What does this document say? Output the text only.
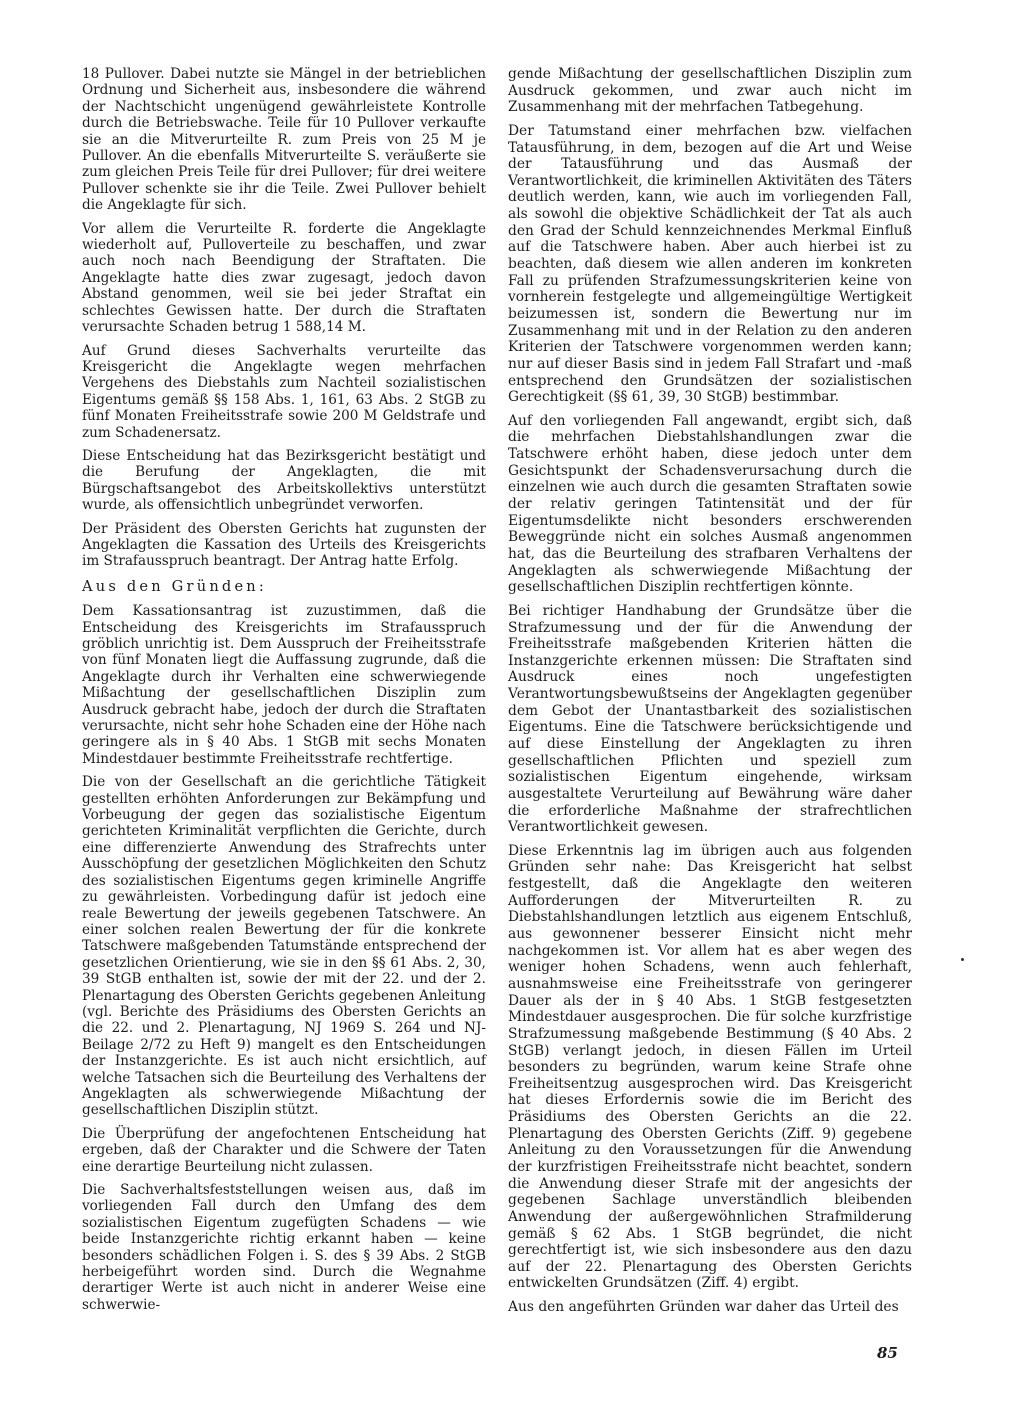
18 Pullover. Dabei nutzte sie Mängel in der betrieblichen Ordnung und Sicherheit aus, insbesondere die während der Nachtschicht ungenügend gewährleistete Kontrolle durch die Betriebswache. Teile für 10 Pullover verkaufte sie an die Mitverurteilte R. zum Preis von 25 M je Pullover. An die ebenfalls Mitverurteilte S. veräußerte sie zum gleichen Preis Teile für drei Pullover; für drei weitere Pullover schenkte sie ihr die Teile. Zwei Pullover behielt die Angeklagte für sich.

Vor allem die Verurteilte R. forderte die Angeklagte wiederholt auf, Pulloverteile zu beschaffen, und zwar auch noch nach Beendigung der Straftaten. Die Angeklagte hatte dies zwar zugesagt, jedoch davon Abstand genommen, weil sie bei jeder Straftat ein schlechtes Gewissen hatte. Der durch die Straftaten verursachte Schaden betrug 1 588,14 M.

Auf Grund dieses Sachverhalts verurteilte das Kreisgericht die Angeklagte wegen mehrfachen Vergehens des Diebstahls zum Nachteil sozialistischen Eigentums gemäß §§ 158 Abs. 1, 161, 63 Abs. 2 StGB zu fünf Monaten Freiheitsstrafe sowie 200 M Geldstrafe und zum Schadenersatz.

Diese Entscheidung hat das Bezirksgericht bestätigt und die Berufung der Angeklagten, die mit Bürgschaftsangebot des Arbeitskollektivs unterstützt wurde, als offensichtlich unbegründet verworfen.

Der Präsident des Obersten Gerichts hat zugunsten der Angeklagten die Kassation des Urteils des Kreisgerichts im Strafausspruch beantragt. Der Antrag hatte Erfolg.

Aus den Gründen:

Dem Kassationsantrag ist zuzustimmen, daß die Entscheidung des Kreisgerichts im Strafausspruch gröblich unrichtig ist. Dem Ausspruch der Freiheitsstrafe von fünf Monaten liegt die Auffassung zugrunde, daß die Angeklagte durch ihr Verhalten eine schwerwiegende Mißachtung der gesellschaftlichen Disziplin zum Ausdruck gebracht habe, jedoch der durch die Straftaten verursachte, nicht sehr hohe Schaden eine der Höhe nach geringere als in § 40 Abs. 1 StGB mit sechs Monaten Mindestdauer bestimmte Freiheitsstrafe rechtfertige.

Die von der Gesellschaft an die gerichtliche Tätigkeit gestellten erhöhten Anforderungen zur Bekämpfung und Vorbeugung der gegen das sozialistische Eigentum gerichteten Kriminalität verpflichten die Gerichte, durch eine differenzierte Anwendung des Strafrechts unter Ausschöpfung der gesetzlichen Möglichkeiten den Schutz des sozialistischen Eigentums gegen kriminelle Angriffe zu gewährleisten. Vorbedingung dafür ist jedoch eine reale Bewertung der jeweils gegebenen Tatschwere. An einer solchen realen Bewertung der für die konkrete Tatschwere maßgebenden Tatumstände entsprechend der gesetzlichen Orientierung, wie sie in den §§ 61 Abs. 2, 30, 39 StGB enthalten ist, sowie der mit der 22. und der 2. Plenartagung des Obersten Gerichts gegebenen Anleitung (vgl. Berichte des Präsidiums des Obersten Gerichts an die 22. und 2. Plenartagung, NJ 1969 S. 264 und NJ-Beilage 2/72 zu Heft 9) mangelt es den Entscheidungen der Instanzgerichte. Es ist auch nicht ersichtlich, auf welche Tatsachen sich die Beurteilung des Verhaltens der Angeklagten als schwerwiegende Mißachtung der gesellschaftlichen Disziplin stützt.

Die Überprüfung der angefochtenen Entscheidung hat ergeben, daß der Charakter und die Schwere der Taten eine derartige Beurteilung nicht zulassen.

Die Sachverhaltsfeststellungen weisen aus, daß im vorliegenden Fall durch den Umfang des dem sozialistischen Eigentum zugefügten Schadens — wie beide Instanzgerichte richtig erkannt haben — keine besonders schädlichen Folgen i. S. des § 39 Abs. 2 StGB herbeigeführt worden sind. Durch die Wegnahme derartiger Werte ist auch nicht in anderer Weise eine schwerwie-

gende Mißachtung der gesellschaftlichen Disziplin zum Ausdruck gekommen, und zwar auch nicht im Zusammenhang mit der mehrfachen Tatbegehung.

Der Tatumstand einer mehrfachen bzw. vielfachen Tatausführung, in dem, bezogen auf die Art und Weise der Tatausführung und das Ausmaß der Verantwortlichkeit, die kriminellen Aktivitäten des Täters deutlich werden, kann, wie auch im vorliegenden Fall, als sowohl die objektive Schädlichkeit der Tat als auch den Grad der Schuld kennzeichnendes Merkmal Einfluß auf die Tatschwere haben. Aber auch hierbei ist zu beachten, daß diesem wie allen anderen im konkreten Fall zu prüfenden Strafzumessungskriterien keine von vornherein festgelegte und allgemeingültige Wertigkeit beizumessen ist, sondern die Bewertung nur im Zusammenhang mit und in der Relation zu den anderen Kriterien der Tatschwere vorgenommen werden kann; nur auf dieser Basis sind in jedem Fall Strafart und -maß entsprechend den Grundsätzen der sozialistischen Gerechtigkeit (§§ 61, 39, 30 StGB) bestimmbar.

Auf den vorliegenden Fall angewandt, ergibt sich, daß die mehrfachen Diebstahlshandlungen zwar die Tatschwere erhöht haben, diese jedoch unter dem Gesichtspunkt der Schadensverursachung durch die einzelnen wie auch durch die gesamten Straftaten sowie der relativ geringen Tatintensität und der für Eigentumsdelikte nicht besonders erschwerenden Beweggründe nicht ein solches Ausmaß angenommen hat, das die Beurteilung des strafbaren Verhaltens der Angeklagten als schwerwiegende Mißachtung der gesellschaftlichen Disziplin rechtfertigen könnte.

Bei richtiger Handhabung der Grundsätze über die Strafzumessung und der für die Anwendung der Freiheitsstrafe maßgebenden Kriterien hätten die Instanzgerichte erkennen müssen: Die Straftaten sind Ausdruck eines noch ungefestigten Verantwortungsbewußtseins der Angeklagten gegenüber dem Gebot der Unantastbarkeit des sozialistischen Eigentums. Eine die Tatschwere berücksichtigende und auf diese Einstellung der Angeklagten zu ihren gesellschaftlichen Pflichten und speziell zum sozialistischen Eigentum eingehende, wirksam ausgestaltete Verurteilung auf Bewährung wäre daher die erforderliche Maßnahme der strafrechtlichen Verantwortlichkeit gewesen.

Diese Erkenntnis lag im übrigen auch aus folgenden Gründen sehr nahe: Das Kreisgericht hat selbst festgestellt, daß die Angeklagte den weiteren Aufforderungen der Mitverurteilten R. zu Diebstahlshandlungen letztlich aus eigenem Entschluß, aus gewonnener besserer Einsicht nicht mehr nachgekommen ist. Vor allem hat es aber wegen des weniger hohen Schadens, wenn auch fehlerhaft, ausnahmsweise eine Freiheitsstrafe von geringerer Dauer als der in § 40 Abs. 1 StGB festgesetzten Mindestdauer ausgesprochen. Die für solche kurzfristige Strafzumessung maßgebende Bestimmung (§ 40 Abs. 2 StGB) verlangt jedoch, in diesen Fällen im Urteil besonders zu begründen, warum keine Strafe ohne Freiheitsentzug ausgesprochen wird. Das Kreisgericht hat dieses Erfordernis sowie die im Bericht des Präsidiums des Obersten Gerichts an die 22. Plenartagung des Obersten Gerichts (Ziff. 9) gegebene Anleitung zu den Voraussetzungen für die Anwendung der kurzfristigen Freiheitsstrafe nicht beachtet, sondern die Anwendung dieser Strafe mit der angesichts der gegebenen Sachlage unverständlich bleibenden Anwendung der außergewöhnlichen Strafmilderung gemäß § 62 Abs. 1 StGB begründet, die nicht gerechtfertigt ist, wie sich insbesondere aus den dazu auf der 22. Plenartagung des Obersten Gerichts entwickelten Grundsätzen (Ziff. 4) ergibt.

Aus den angeführten Gründen war daher das Urteil des

85
